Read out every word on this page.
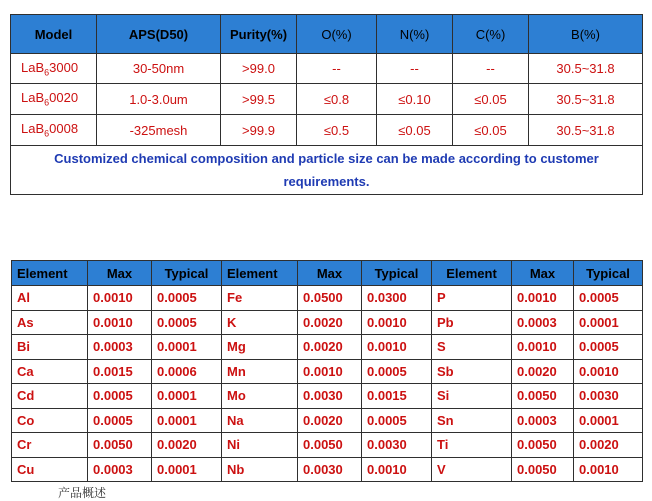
Model	APS(D50)	Purity(%)	O(%)	N(%)	C(%)	B(%)
LaB$_6$3000	30-50nm	>99.0	--	--	--	30.5~31.8
LaB$_6$0020	1.0-3.0um	>99.5	≤0.8	≤0.10	≤0.05	30.5~31.8
LaB$_6$0008	-325mesh	>99.9	≤0.5	≤0.05	≤0.05	30.5~31.8
Customized chemical composition and particle size can be made according to customer
requirements.						
Element	Max	Typical	Element	Max	Typical	Element	Max	Typical
Al	0.0010	0.0005	Fe	0.0500	0.0300	P	0.0010	0.0005
As	0.0010	0.0005	K	0.0020	0.0010	Pb	0.0003	0.0001
Bi	0.0003	0.0001	Mg	0.0020	0.0010	S	0.0010	0.0005
Ca	0.0015	0.0006	Mn	0.0010	0.0005	Sb	0.0020	0.0010
Cd	0.0005	0.0001	Mo	0.0030	0.0015	Si	0.0050	0.0030
Co	0.0005	0.0001	Na	0.0020	0.0005	Sn	0.0003	0.0001
Cr	0.0050	0.0020	Ni	0.0050	0.0030	Ti	0.0050	0.0020
Cu	0.0003	0.0001	Nb	0.0030	0.0010	V	0.0050	0.0010
产品概述
